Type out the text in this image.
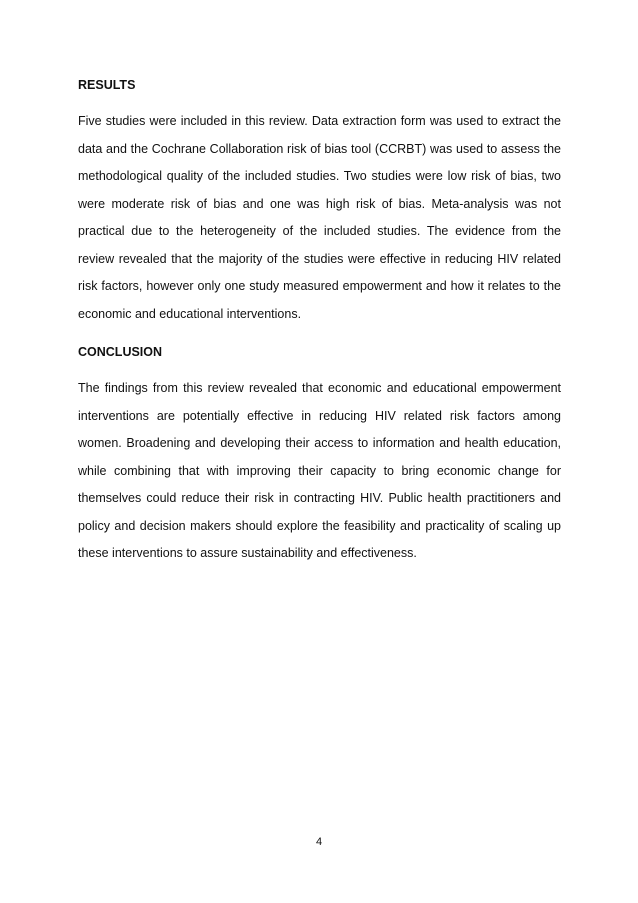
RESULTS

Five studies were included in this review. Data extraction form was used to extract the data and the Cochrane Collaboration risk of bias tool (CCRBT) was used to assess the methodological quality of the included studies. Two studies were low risk of bias, two were moderate risk of bias and one was high risk of bias. Meta-analysis was not practical due to the heterogeneity of the included studies. The evidence from the review revealed that the majority of the studies were effective in reducing HIV related risk factors, however only one study measured empowerment and how it relates to the economic and educational interventions.

CONCLUSION

The findings from this review revealed that economic and educational empowerment interventions are potentially effective in reducing HIV related risk factors among women. Broadening and developing their access to information and health education, while combining that with improving their capacity to bring economic change for themselves could reduce their risk in contracting HIV. Public health practitioners and policy and decision makers should explore the feasibility and practicality of scaling up these interventions to assure sustainability and effectiveness.

4
